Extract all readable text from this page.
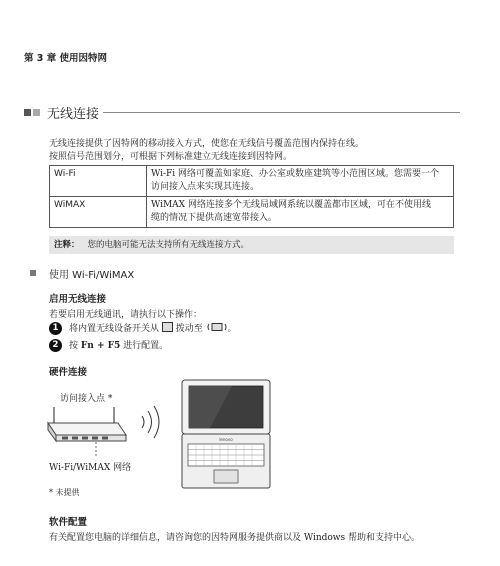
第 3 章 使用因特网
无线连接
无线连接提供了因特网的移动接入方式，使您在无线信号覆盖范围内保持在线。
按照信号范围划分，可根据下列标准建立无线连接到因特网。
Wi-Fi	Wi-Fi 网络可覆盖如家庭、办公室或数座建筑等小范围区域。您需要一个
访问接入点来实现其连接。

WiMAX	WiMAX 网络连接多个无线局域网系统以覆盖都市区域，可在不使用线
缆的情况下提供高速宽带接入。
注释： 您的电脑可能无法支持所有无线连接方式。
使用 Wi-Fi/WiMAX
启用无线连接
若要启用无线通讯，请执行以下操作：
1	将内置无线设备开关从 拨动至	。
2	按 Fn + F5 进行配置。
硬件连接
访问接入点 *
lenovo
Wi-Fi/WiMAX 网络
* 未提供
软件配置
有关配置您电脑的详细信息，请咨询您的因特网服务提供商以及 Windows 帮助和支持中心。
